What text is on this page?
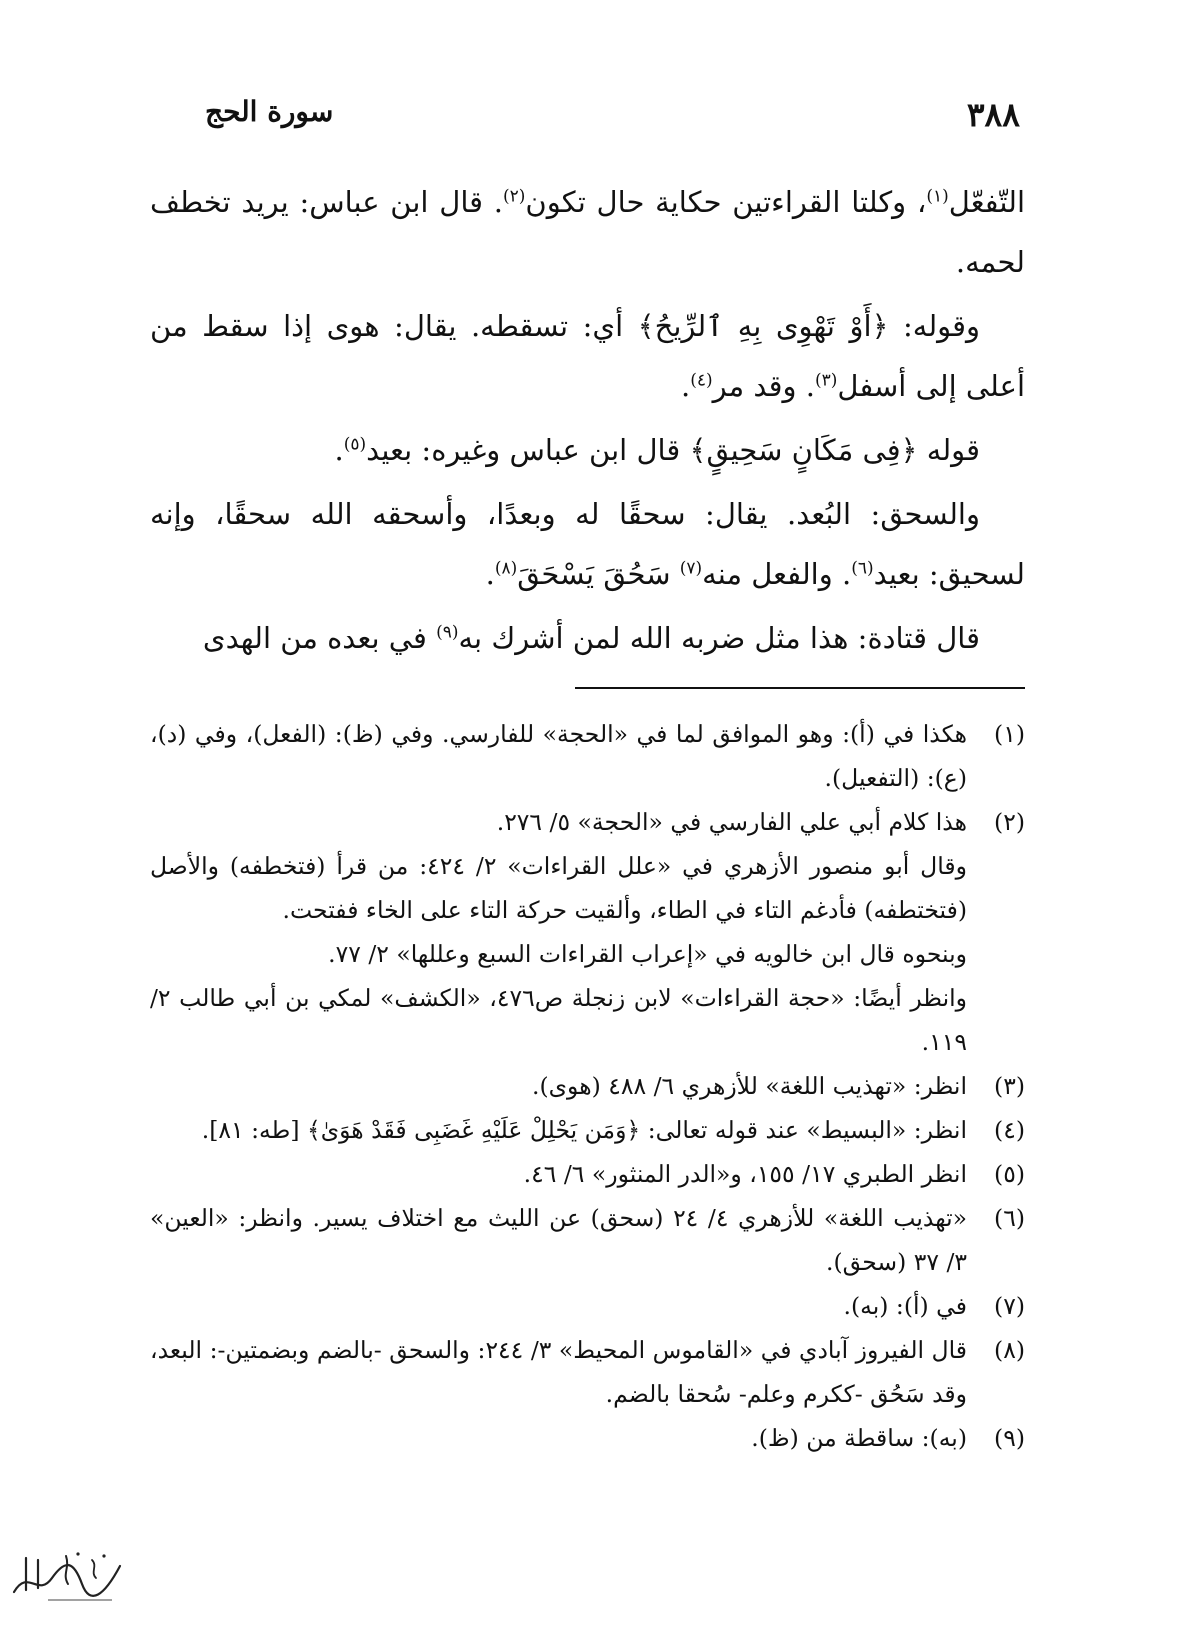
٣٨٨
سورة الحج

التّفعّل$^{(١)}$، وكلتا القراءتين حكاية حال تكون$^{(٢)}$. قال ابن عباس: يريد تخطف لحمه.

وقوله: ﴿أَوْ تَهْوِى بِهِ ٱلرِّيحُ﴾ أي: تسقطه. يقال: هوى إذا سقط من أعلى إلى أسفل$^{(٣)}$. وقد مر$^{(٤)}$.

قوله ﴿فِى مَكَانٍ سَحِيقٍ﴾ قال ابن عباس وغيره: بعيد$^{(٥)}$.

والسحق: البُعد. يقال: سحقًا له وبعدًا، وأسحقه الله سحقًا، وإنه لسحيق: بعيد$^{(٦)}$. والفعل منه$^{(٧)}$ سَحُقَ يَسْحَقَ$^{(٨)}$.

قال قتادة: هذا مثل ضربه الله لمن أشرك به$^{(٩)}$ في بعده من الهدى

(١)
هكذا في (أ): وهو الموافق لما في «الحجة» للفارسي. وفي (ظ): (الفعل)، وفي (د)، (ع): (التفعيل).
(٢)
هذا كلام أبي علي الفارسي في «الحجة» ٥/ ٢٧٦.
وقال أبو منصور الأزهري في «علل القراءات» ٢/ ٤٢٤: من قرأ (فتخطفه) والأصل (فتختطفه) فأدغم التاء في الطاء، وألقيت حركة التاء على الخاء ففتحت.
وبنحوه قال ابن خالويه في «إعراب القراءات السبع وعللها» ٢/ ٧٧.
وانظر أيضًا: «حجة القراءات» لابن زنجلة ص٤٧٦، «الكشف» لمكي بن أبي طالب ٢/ ١١٩.
(٣)
انظر: «تهذيب اللغة» للأزهري ٦/ ٤٨٨ (هوى).
(٤)
انظر: «البسيط» عند قوله تعالى: ﴿وَمَن يَحْلِلْ عَلَيْهِ غَضَبِى فَقَدْ هَوَىٰ﴾ [طه: ٨١].
(٥)
انظر الطبري ١٧/ ١٥٥، و«الدر المنثور» ٦/ ٤٦.
(٦)
«تهذيب اللغة» للأزهري ٤/ ٢٤ (سحق) عن الليث مع اختلاف يسير. وانظر: «العين» ٣/ ٣٧ (سحق).
(٧)
في (أ): (به).
(٨)
قال الفيروز آبادي في «القاموس المحيط» ٣/ ٢٤٤: والسحق -بالضم وبضمتين-: البعد، وقد سَحُق -ككرم وعلم- سُحقا بالضم.
(٩)
(به): ساقطة من (ظ).
